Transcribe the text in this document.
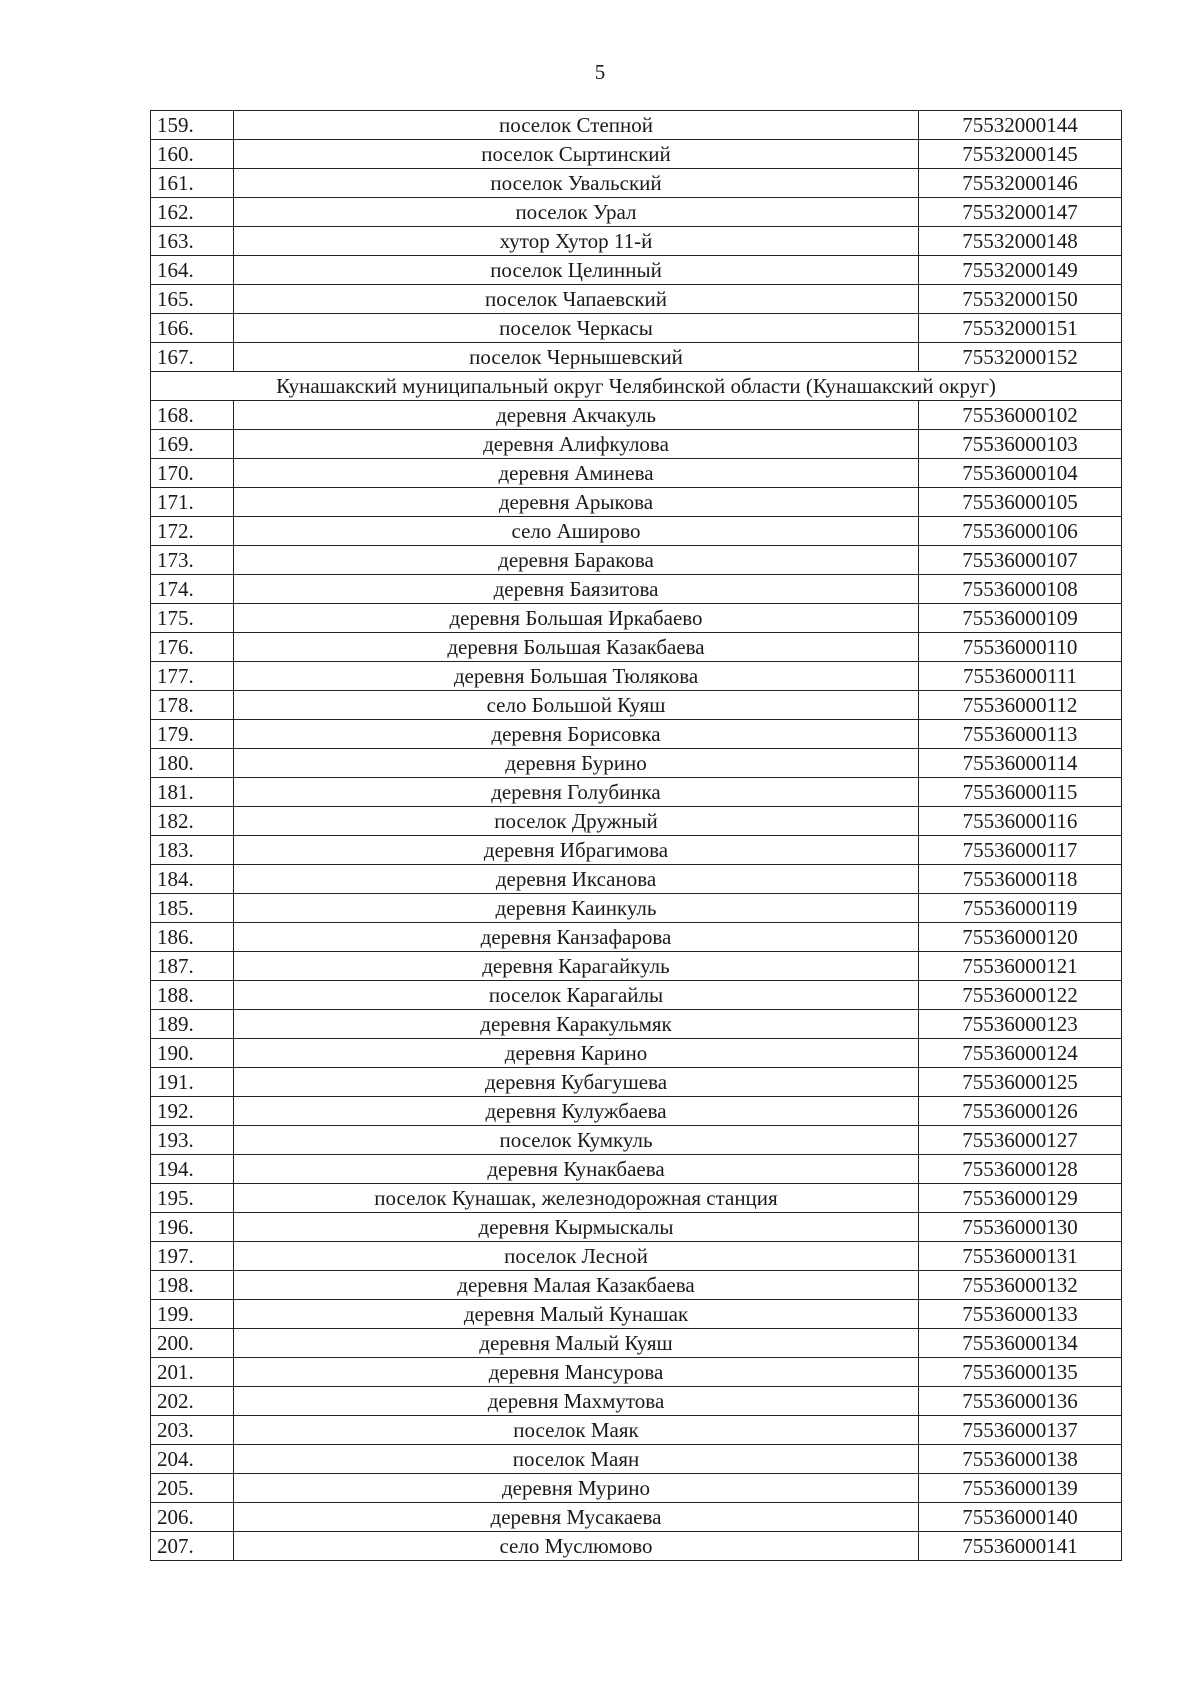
5
159.	поселок Степной	75532000144
160.	поселок Сыртинский	75532000145
161.	поселок Увальский	75532000146
162.	поселок Урал	75532000147
163.	хутор Хутор 11-й	75532000148
164.	поселок Целинный	75532000149
165.	поселок Чапаевский	75532000150
166.	поселок Черкасы	75532000151
167.	поселок Чернышевский	75532000152
Кунашакский муниципальный округ Челябинской области (Кунашакский округ)		
168.	деревня Акчакуль	75536000102
169.	деревня Алифкулова	75536000103
170.	деревня Аминева	75536000104
171.	деревня Арыкова	75536000105
172.	село Аширово	75536000106
173.	деревня Баракова	75536000107
174.	деревня Баязитова	75536000108
175.	деревня Большая Иркабаево	75536000109
176.	деревня Большая Казакбаева	75536000110
177.	деревня Большая Тюлякова	75536000111
178.	село Большой Куяш	75536000112
179.	деревня Борисовка	75536000113
180.	деревня Бурино	75536000114
181.	деревня Голубинка	75536000115
182.	поселок Дружный	75536000116
183.	деревня Ибрагимова	75536000117
184.	деревня Иксанова	75536000118
185.	деревня Каинкуль	75536000119
186.	деревня Канзафарова	75536000120
187.	деревня Карагайкуль	75536000121
188.	поселок Карагайлы	75536000122
189.	деревня Каракульмяк	75536000123
190.	деревня Карино	75536000124
191.	деревня Кубагушева	75536000125
192.	деревня Кулужбаева	75536000126
193.	поселок Кумкуль	75536000127
194.	деревня Кунакбаева	75536000128
195.	поселок Кунашак, железнодорожная станция	75536000129
196.	деревня Кырмыскалы	75536000130
197.	поселок Лесной	75536000131
198.	деревня Малая Казакбаева	75536000132
199.	деревня Малый Кунашак	75536000133
200.	деревня Малый Куяш	75536000134
201.	деревня Мансурова	75536000135
202.	деревня Махмутова	75536000136
203.	поселок Маяк	75536000137
204.	поселок Маян	75536000138
205.	деревня Мурино	75536000139
206.	деревня Мусакаева	75536000140
207.	село Муслюмово	75536000141
